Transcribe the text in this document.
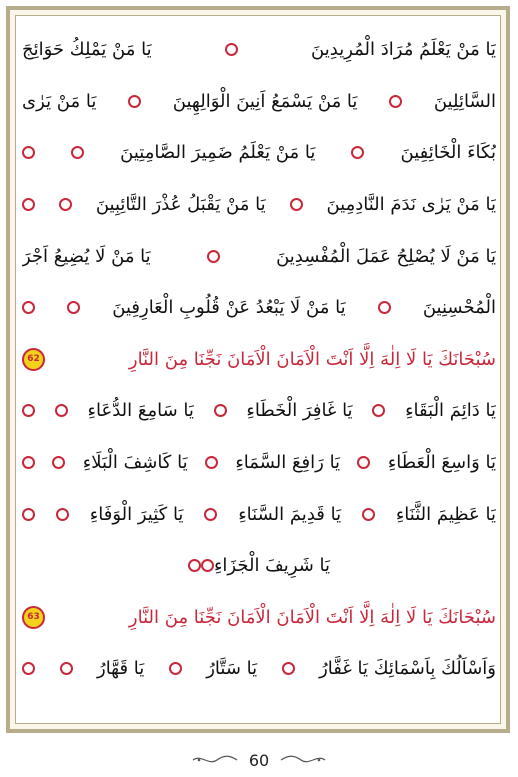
يَا مَنْ يَعْلَمُ مُرَادَ الْمُرِيدِينَ
يَا مَنْ يَمْلِكُ حَوَائِجَ
السَّائِلِينَ
يَا مَنْ يَسْمَعُ اَنِينَ الْوَالِهِينَ
يَا مَنْ يَرٰى
بُكَاءَ الْخَائِفِينَ
يَا مَنْ يَعْلَمُ ضَمِيرَ الصَّامِتِينَ
يَا مَنْ يَرٰى نَدَمَ النَّادِمِينَ
يَا مَنْ يَقْبَلُ عُذْرَ التَّائِبِينَ
يَا مَنْ لَا يُصْلِحُ عَمَلَ الْمُفْسِدِينَ
يَا مَنْ لَا يُضِيعُ اَجْرَ
الْمُحْسِنِينَ
يَا مَنْ لَا يَبْعُدُ عَنْ قُلُوبِ الْعَارِفِينَ
سُبْحَانَكَ يَا لَا اِلٰهَ اِلَّا اَنْتَ الْاَمَانَ الْاَمَانَ نَجِّنَا مِنَ النَّارِ
62
يَا دَائِمَ الْبَقَاءِ
يَا غَافِرَ الْخَطَاءِ
يَا سَامِعَ الدُّعَاءِ
يَا وَاسِعَ الْعَطَاءِ
يَا رَافِعَ السَّمَاءِ
يَا كَاشِفَ الْبَلَاءِ
يَا عَظِيمَ الثَّنَاءِ
يَا قَدِيمَ السَّنَاءِ
يَا كَثِيرَ الْوَفَاءِ
يَا شَرِيفَ الْجَزَاءِ
سُبْحَانَكَ يَا لَا اِلٰهَ اِلَّا اَنْتَ الْاَمَانَ الْاَمَانَ نَجِّنَا مِنَ النَّارِ
63
وَاَسْاَلُكَ بِاَسْمَائِكَ يَا غَفَّارُ
يَا سَتَّارُ
يَا قَهَّارُ
60
